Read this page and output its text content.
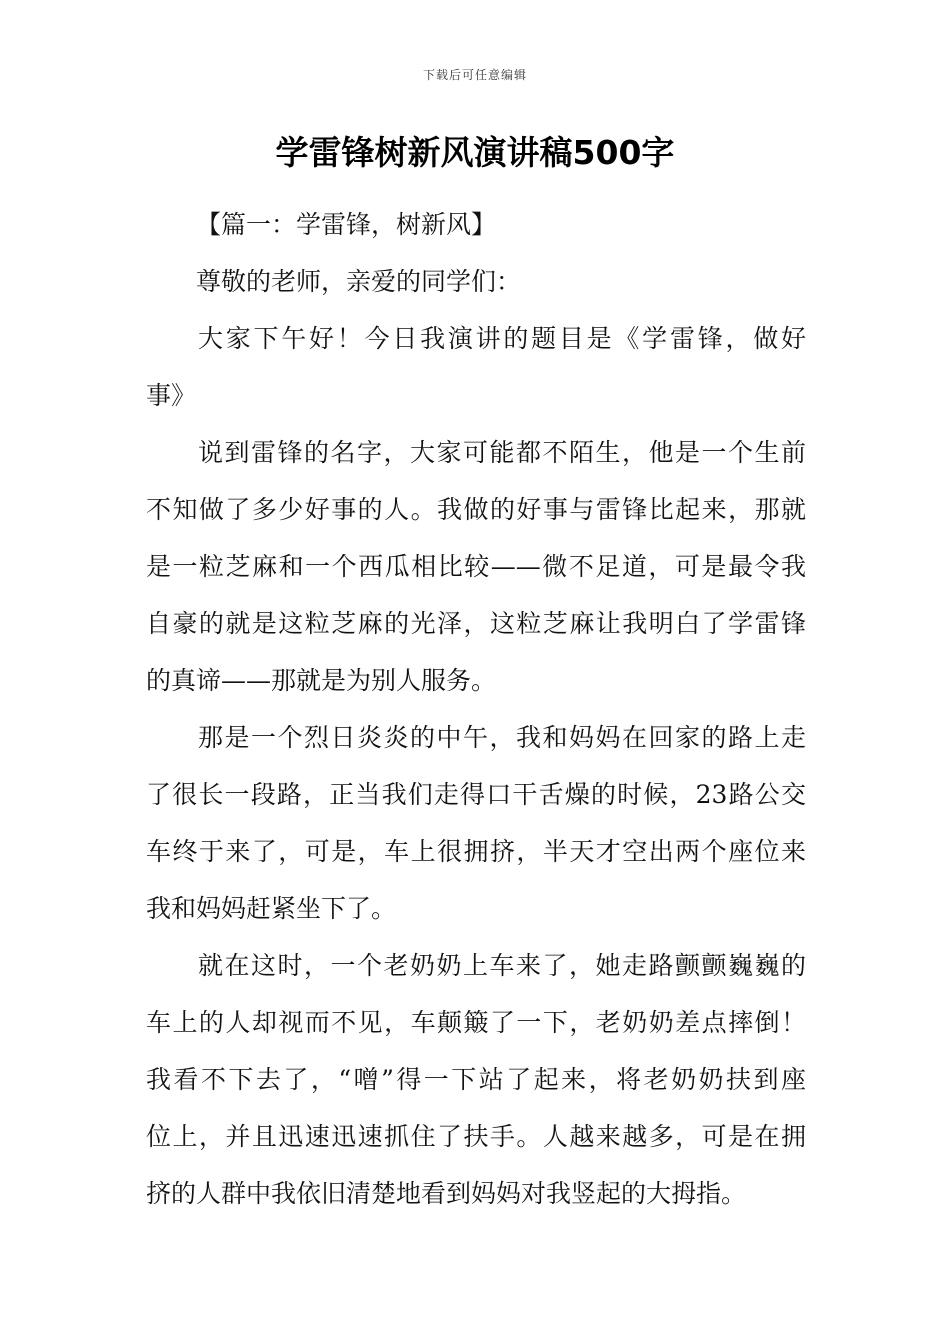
下载后可任意编辑
学雷锋树新风演讲稿500字
【篇一：学雷锋，树新风】
尊敬的老师，亲爱的同学们：
大家下午好！今日我演讲的题目是《学雷锋，做好
事》
说到雷锋的名字，大家可能都不陌生，他是一个生前
不知做了多少好事的人。我做的好事与雷锋比起来，那就
是一粒芝麻和一个西瓜相比较——微不足道，可是最令我
自豪的就是这粒芝麻的光泽，这粒芝麻让我明白了学雷锋
的真谛——那就是为别人服务。
那是一个烈日炎炎的中午，我和妈妈在回家的路上走
了很长一段路，正当我们走得口干舌燥的时候，23路公交
车终于来了，可是，车上很拥挤，半天才空出两个座位来
我和妈妈赶紧坐下了。
就在这时，一个老奶奶上车来了，她走路颤颤巍巍的
车上的人却视而不见，车颠簸了一下，老奶奶差点摔倒！
我看不下去了，“噌”得一下站了起来，将老奶奶扶到座
位上，并且迅速迅速抓住了扶手。人越来越多，可是在拥
挤的人群中我依旧清楚地看到妈妈对我竖起的大拇指。
